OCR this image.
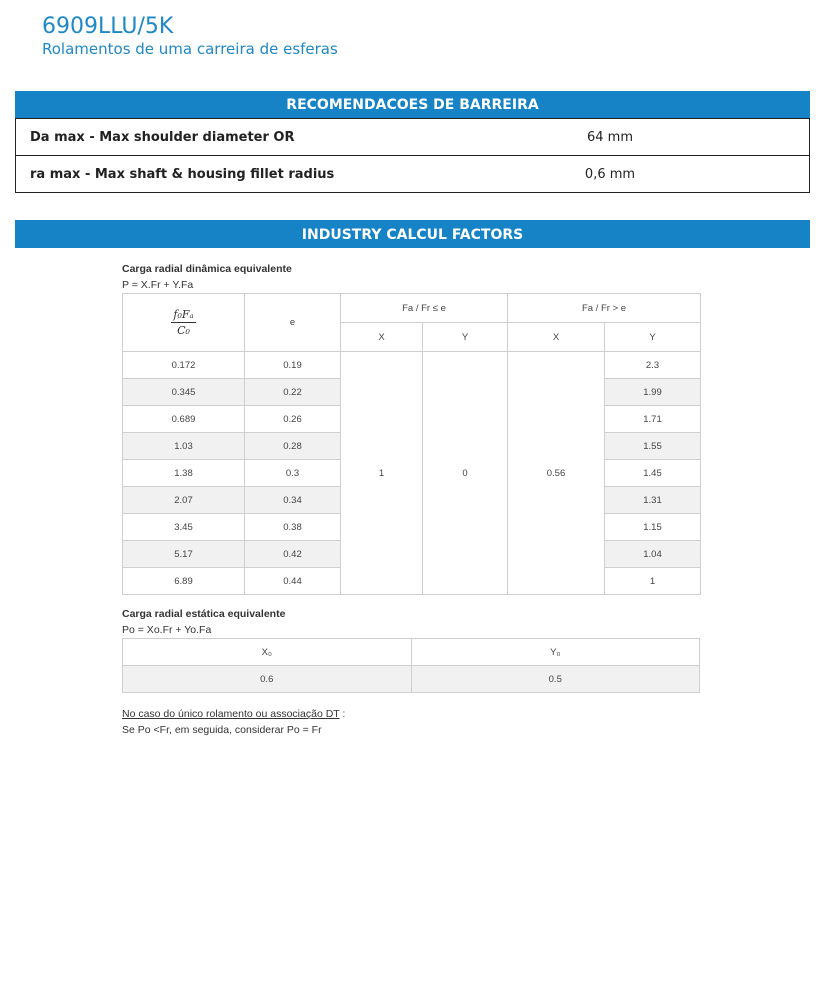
6909LLU/5K
Rolamentos de uma carreira de esferas
RECOMENDACOES DE BARREIRA
Da max - Max shoulder diameter OR	64 mm
ra max - Max shaft & housing fillet radius	0,6 mm
INDUSTRY CALCUL FACTORS
Carga radial dinâmica equivalente
P = X.Fr + Y.Fa
$\frac{\text{f₀Fₐ}}{\text{C₀}}$	e	Fa / Fr ≤ e		Fa / Fr > e	
		X	Y	X	Y
0.172	0.19	1	0	0.56	2.3
0.345	0.22				1.99
0.689	0.26				1.71
1.03	0.28				1.55
1.38	0.3				1.45
2.07	0.34				1.31
3.45	0.38				1.15
5.17	0.42				1.04
6.89	0.44				1
Carga radial estática equivalente
Po = Xo.Fr + Yo.Fa
X₀	Y₀
0.6	0.5
No caso do único rolamento ou associação DT :
Se Po <Fr, em seguida, considerar Po = Fr
